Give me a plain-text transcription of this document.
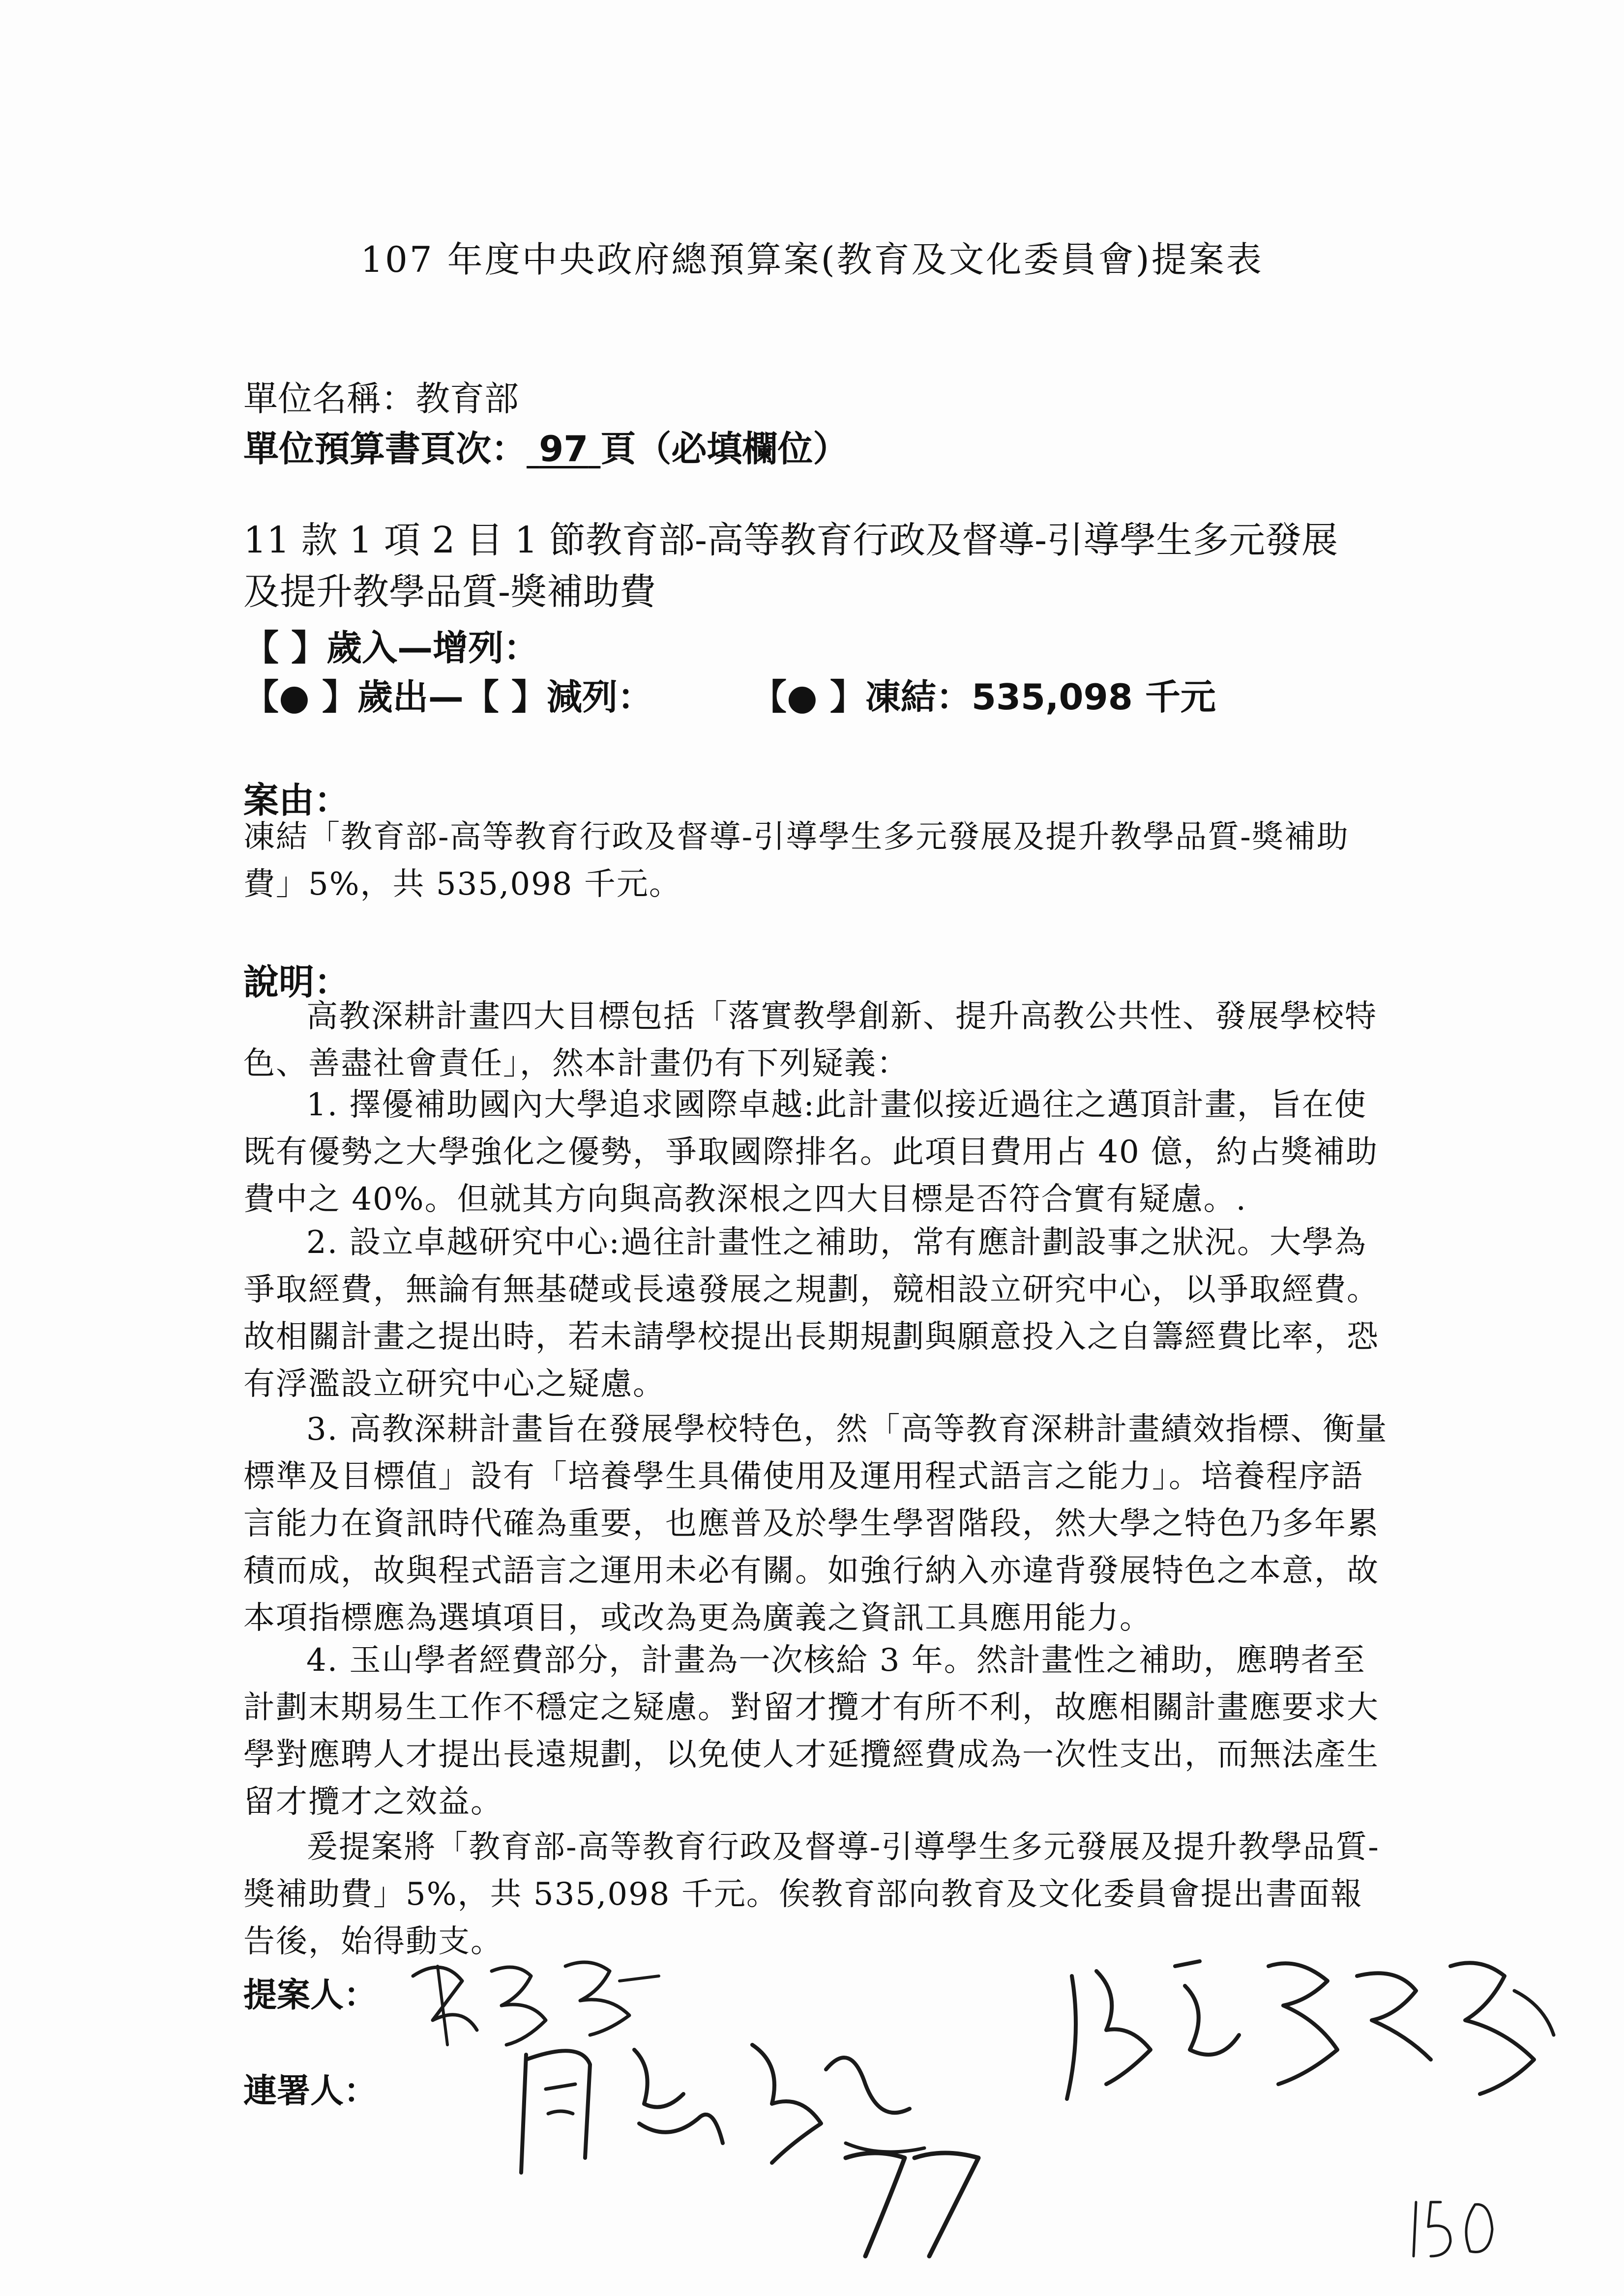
107 年度中央政府總預算案(教育及文化委員會)提案表
單位名稱：教育部
單位預算書頁次： 97 頁（必填欄位）
11 款 1 項 2 目 1 節教育部-高等教育行政及督導-引導學生多元發展
及提升教學品質-獎補助費
【 】歲入—增列：
【● 】歲出—【 】減列：	【● 】凍結：535,098 千元
案由：
凍結「教育部-高等教育行政及督導-引導學生多元發展及提升教學品質-獎補助費」5%，共 535,098 千元。
說明：
高教深耕計畫四大目標包括「落實教學創新、提升高教公共性、發展學校特色、善盡社會責任」，然本計畫仍有下列疑義：
1. 擇優補助國內大學追求國際卓越:此計畫似接近過往之邁頂計畫，旨在使既有優勢之大學強化之優勢，爭取國際排名。此項目費用占 40 億，約占獎補助費中之 40%。但就其方向與高教深根之四大目標是否符合實有疑慮。.
2. 設立卓越研究中心:過往計畫性之補助，常有應計劃設事之狀況。大學為爭取經費，無論有無基礎或長遠發展之規劃，競相設立研究中心，以爭取經費。故相關計畫之提出時，若未請學校提出長期規劃與願意投入之自籌經費比率，恐有浮濫設立研究中心之疑慮。
3. 高教深耕計畫旨在發展學校特色，然「高等教育深耕計畫績效指標、衡量標準及目標值」設有「培養學生具備使用及運用程式語言之能力」。培養程序語言能力在資訊時代確為重要，也應普及於學生學習階段，然大學之特色乃多年累積而成，故與程式語言之運用未必有關。如強行納入亦違背發展特色之本意，故本項指標應為選填項目，或改為更為廣義之資訊工具應用能力。
4. 玉山學者經費部分，計畫為一次核給 3 年。然計畫性之補助，應聘者至計劃末期易生工作不穩定之疑慮。對留才攬才有所不利，故應相關計畫應要求大學對應聘人才提出長遠規劃，以免使人才延攬經費成為一次性支出，而無法產生留才攬才之效益。
爰提案將「教育部-高等教育行政及督導-引導學生多元發展及提升教學品質-獎補助費」5%，共 535,098 千元。俟教育部向教育及文化委員會提出書面報告後，始得動支。
提案人：
連署人：
